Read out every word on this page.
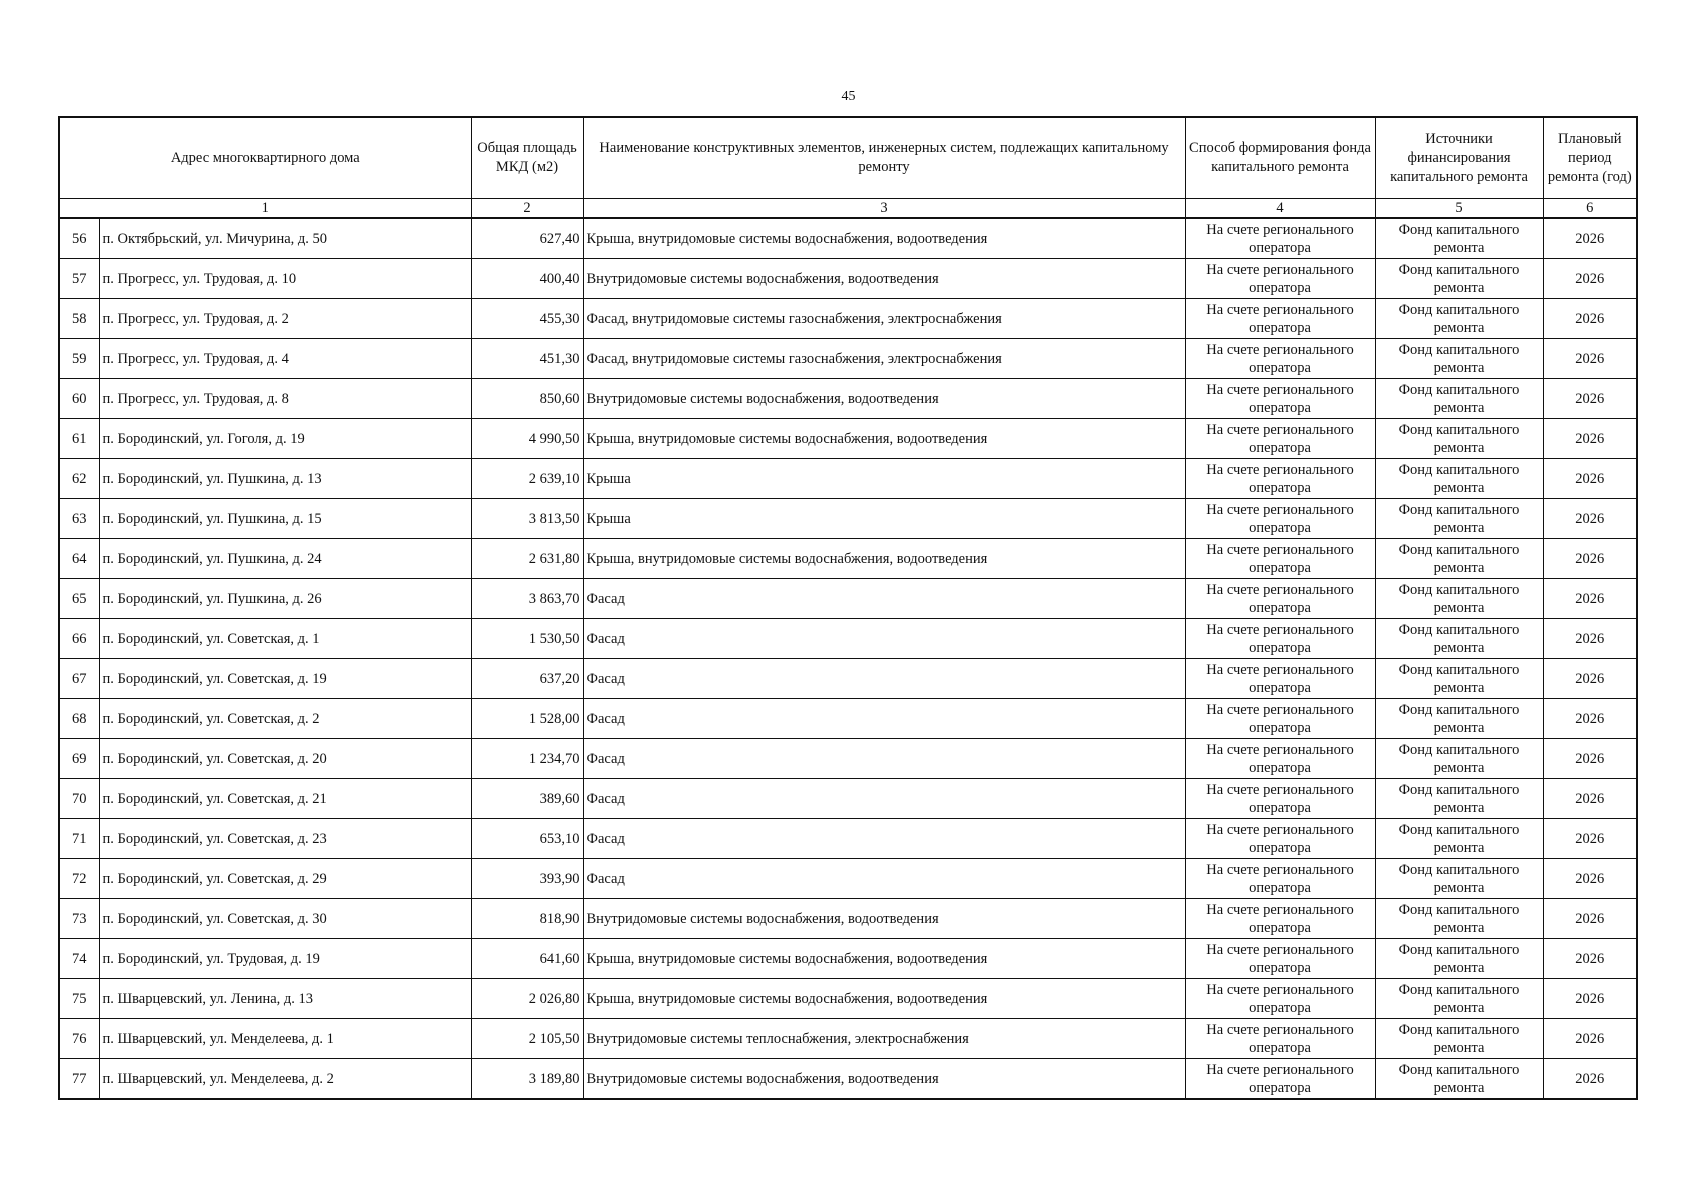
45
Адрес многоквартирного дома		Общая площадь МКД (м2)	Наименование конструктивных элементов, инженерных систем, подлежащих капитальному ремонту	Способ формирования фонда капитального ремонта	Источники финансирования капитального ремонта	Плановый период ремонта (год)
1		2	3	4	5	6
56	п. Октябрьский, ул. Мичурина, д. 50	627,40	Крыша, внутридомовые системы водоснабжения, водоотведения	На счете регионального оператора	Фонд капитального ремонта	2026
57	п. Прогресс, ул. Трудовая, д. 10	400,40	Внутридомовые системы водоснабжения, водоотведения	На счете регионального оператора	Фонд капитального ремонта	2026
58	п. Прогресс, ул. Трудовая, д. 2	455,30	Фасад, внутридомовые системы газоснабжения, электроснабжения	На счете регионального оператора	Фонд капитального ремонта	2026
59	п. Прогресс, ул. Трудовая, д. 4	451,30	Фасад, внутридомовые системы газоснабжения, электроснабжения	На счете регионального оператора	Фонд капитального ремонта	2026
60	п. Прогресс, ул. Трудовая, д. 8	850,60	Внутридомовые системы водоснабжения, водоотведения	На счете регионального оператора	Фонд капитального ремонта	2026
61	п. Бородинский, ул. Гоголя, д. 19	4 990,50	Крыша, внутридомовые системы водоснабжения, водоотведения	На счете регионального оператора	Фонд капитального ремонта	2026
62	п. Бородинский, ул. Пушкина, д. 13	2 639,10	Крыша	На счете регионального оператора	Фонд капитального ремонта	2026
63	п. Бородинский, ул. Пушкина, д. 15	3 813,50	Крыша	На счете регионального оператора	Фонд капитального ремонта	2026
64	п. Бородинский, ул. Пушкина, д. 24	2 631,80	Крыша, внутридомовые системы водоснабжения, водоотведения	На счете регионального оператора	Фонд капитального ремонта	2026
65	п. Бородинский, ул. Пушкина, д. 26	3 863,70	Фасад	На счете регионального оператора	Фонд капитального ремонта	2026
66	п. Бородинский, ул. Советская, д. 1	1 530,50	Фасад	На счете регионального оператора	Фонд капитального ремонта	2026
67	п. Бородинский, ул. Советская, д. 19	637,20	Фасад	На счете регионального оператора	Фонд капитального ремонта	2026
68	п. Бородинский, ул. Советская, д. 2	1 528,00	Фасад	На счете регионального оператора	Фонд капитального ремонта	2026
69	п. Бородинский, ул. Советская, д. 20	1 234,70	Фасад	На счете регионального оператора	Фонд капитального ремонта	2026
70	п. Бородинский, ул. Советская, д. 21	389,60	Фасад	На счете регионального оператора	Фонд капитального ремонта	2026
71	п. Бородинский, ул. Советская, д. 23	653,10	Фасад	На счете регионального оператора	Фонд капитального ремонта	2026
72	п. Бородинский, ул. Советская, д. 29	393,90	Фасад	На счете регионального оператора	Фонд капитального ремонта	2026
73	п. Бородинский, ул. Советская, д. 30	818,90	Внутридомовые системы водоснабжения, водоотведения	На счете регионального оператора	Фонд капитального ремонта	2026
74	п. Бородинский, ул. Трудовая, д. 19	641,60	Крыша, внутридомовые системы водоснабжения, водоотведения	На счете регионального оператора	Фонд капитального ремонта	2026
75	п. Шварцевский, ул. Ленина, д. 13	2 026,80	Крыша, внутридомовые системы водоснабжения, водоотведения	На счете регионального оператора	Фонд капитального ремонта	2026
76	п. Шварцевский, ул. Менделеева, д. 1	2 105,50	Внутридомовые системы теплоснабжения, электроснабжения	На счете регионального оператора	Фонд капитального ремонта	2026
77	п. Шварцевский, ул. Менделеева, д. 2	3 189,80	Внутридомовые системы водоснабжения, водоотведения	На счете регионального оператора	Фонд капитального ремонта	2026
